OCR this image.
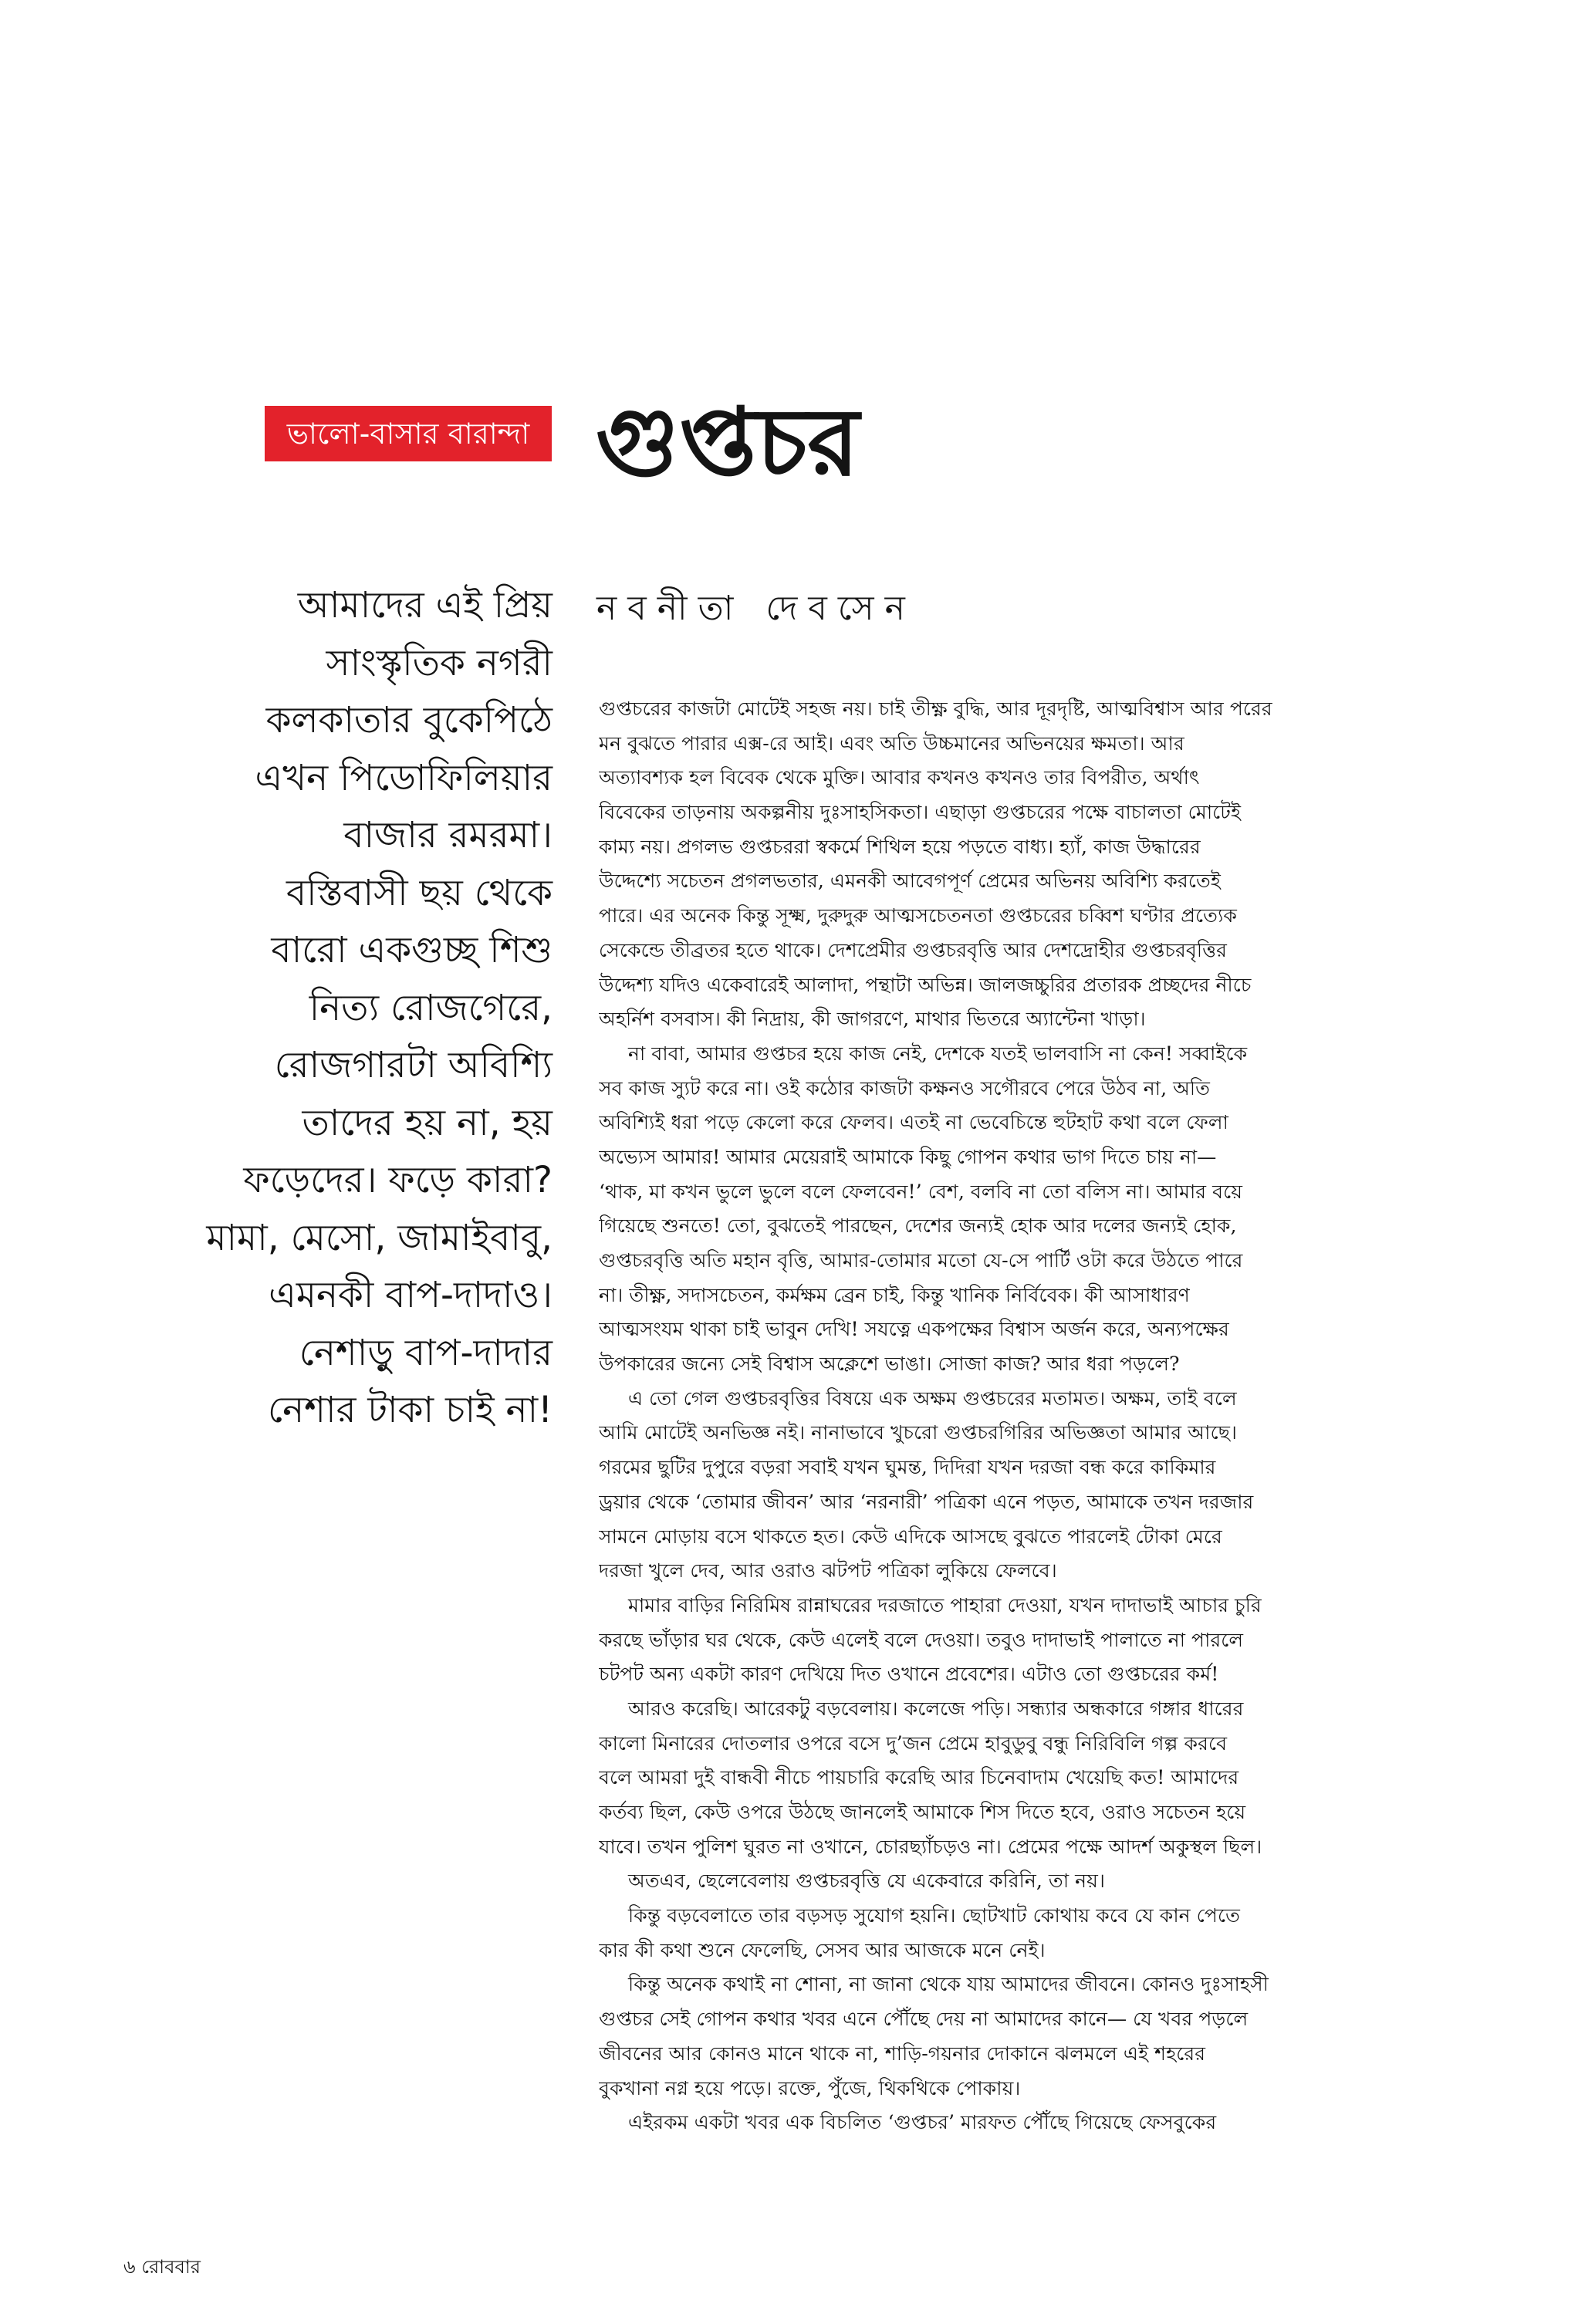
ভালো-বাসার বারান্দা গুপ্তচর
আমাদের এই প্রিয়
সাংস্কৃতিক নগরী
কলকাতার বুকেপিঠে
এখন পিডোফিলিয়ার
বাজার রমরমা।
বস্তিবাসী ছয় থেকে
বারো একগুচ্ছ শিশু
নিত্য রোজগেরে,
রোজগারটা অবিশ্যি
তাদের হয় না, হয়
ফড়েদের। ফড়ে কারা?
মামা, মেসো, জামাইবাবু,
এমনকী বাপ-দাদাও।
নেশাড়ু বাপ-দাদার
নেশার টাকা চাই না!
নবনীতা দেবসেন
গুপ্তচরের কাজটা মোটেই সহজ নয়। চাই তীক্ষ্ণ বুদ্ধি, আর দূরদৃষ্টি, আত্মবিশ্বাস আর পরের
মন বুঝতে পারার এক্স-রে আই। এবং অতি উচ্চমানের অভিনয়ের ক্ষমতা। আর
অত্যাবশ্যক হল বিবেক থেকে মুক্তি। আবার কখনও কখনও তার বিপরীত, অর্থাৎ
বিবেকের তাড়নায় অকল্পনীয় দুঃসাহসিকতা। এছাড়া গুপ্তচরের পক্ষে বাচালতা মোটেই
কাম্য নয়। প্রগলভ গুপ্তচররা স্বকর্মে শিথিল হয়ে পড়তে বাধ্য। হ্যাঁ, কাজ উদ্ধারের
উদ্দেশ্যে সচেতন প্রগলভতার, এমনকী আবেগপূর্ণ প্রেমের অভিনয় অবিশ্যি করতেই
পারে। এর অনেক কিন্তু সূক্ষ্ম, দুরুদুরু আত্মসচেতনতা গুপ্তচরের চব্বিশ ঘণ্টার প্রত্যেক
সেকেন্ডে তীব্রতর হতে থাকে। দেশপ্রেমীর গুপ্তচরবৃত্তি আর দেশদ্রোহীর গুপ্তচরবৃত্তির
উদ্দেশ্য যদিও একেবারেই আলাদা, পন্থাটা অভিন্ন। জালজচ্চুরির প্রতারক প্রচ্ছদের নীচে
অহর্নিশ বসবাস। কী নিদ্রায়, কী জাগরণে, মাথার ভিতরে অ্যান্টেনা খাড়া।
না বাবা, আমার গুপ্তচর হয়ে কাজ নেই, দেশকে যতই ভালবাসি না কেন! সব্বাইকে
সব কাজ স্যুট করে না। ওই কঠোর কাজটা কক্ষনও সগৌরবে পেরে উঠব না, অতি
অবিশ্যিই ধরা পড়ে কেলো করে ফেলব। এতই না ভেবেচিন্তে হুটহাট কথা বলে ফেলা
অভ্যেস আমার! আমার মেয়েরাই আমাকে কিছু গোপন কথার ভাগ দিতে চায় না—
‘থাক, মা কখন ভুলে ভুলে বলে ফেলবেন!’ বেশ, বলবি না তো বলিস না। আমার বয়ে
গিয়েছে শুনতে! তো, বুঝতেই পারছেন, দেশের জন্যই হোক আর দলের জন্যই হোক,
গুপ্তচরবৃত্তি অতি মহান বৃত্তি, আমার-তোমার মতো যে-সে পার্টি ওটা করে উঠতে পারে
না। তীক্ষ্ণ, সদাসচেতন, কর্মক্ষম ব্রেন চাই, কিন্তু খানিক নির্বিবেক। কী আসাধারণ
আত্মসংযম থাকা চাই ভাবুন দেখি! সযত্নে একপক্ষের বিশ্বাস অর্জন করে, অন্যপক্ষের
উপকারের জন্যে সেই বিশ্বাস অক্লেশে ভাঙা। সোজা কাজ? আর ধরা পড়লে?
এ তো গেল গুপ্তচরবৃত্তির বিষয়ে এক অক্ষম গুপ্তচরের মতামত। অক্ষম, তাই বলে
আমি মোটেই অনভিজ্ঞ নই। নানাভাবে খুচরো গুপ্তচরগিরির অভিজ্ঞতা আমার আছে।
গরমের ছুটির দুপুরে বড়রা সবাই যখন ঘুমন্ত, দিদিরা যখন দরজা বন্ধ করে কাকিমার
ড্রয়ার থেকে ‘তোমার জীবন’ আর ‘নরনারী’ পত্রিকা এনে পড়ত, আমাকে তখন দরজার
সামনে মোড়ায় বসে থাকতে হত। কেউ এদিকে আসছে বুঝতে পারলেই টোকা মেরে
দরজা খুলে দেব, আর ওরাও ঝটপট পত্রিকা লুকিয়ে ফেলবে।
মামার বাড়ির নিরিমিষ রান্নাঘরের দরজাতে পাহারা দেওয়া, যখন দাদাভাই আচার চুরি
করছে ভাঁড়ার ঘর থেকে, কেউ এলেই বলে দেওয়া। তবুও দাদাভাই পালাতে না পারলে
চটপট অন্য একটা কারণ দেখিয়ে দিত ওখানে প্রবেশের। এটাও তো গুপ্তচরের কর্ম!
আরও করেছি। আরেকটু বড়বেলায়। কলেজে পড়ি। সন্ধ্যার অন্ধকারে গঙ্গার ধারের
কালো মিনারের দোতলার ওপরে বসে দু’জন প্রেমে হাবুডুবু বন্ধু নিরিবিলি গল্প করবে
বলে আমরা দুই বান্ধবী নীচে পায়চারি করেছি আর চিনেবাদাম খেয়েছি কত! আমাদের
কর্তব্য ছিল, কেউ ওপরে উঠছে জানলেই আমাকে শিস দিতে হবে, ওরাও সচেতন হয়ে
যাবে। তখন পুলিশ ঘুরত না ওখানে, চোরছ্যাঁচড়ও না। প্রেমের পক্ষে আদর্শ অকুস্থল ছিল।
অতএব, ছেলেবেলায় গুপ্তচরবৃত্তি যে একেবারে করিনি, তা নয়।
কিন্তু বড়বেলাতে তার বড়সড় সুযোগ হয়নি। ছোটখাট কোথায় কবে যে কান পেতে
কার কী কথা শুনে ফেলেছি, সেসব আর আজকে মনে নেই।
কিন্তু অনেক কথাই না শোনা, না জানা থেকে যায় আমাদের জীবনে। কোনও দুঃসাহসী
গুপ্তচর সেই গোপন কথার খবর এনে পৌঁছে দেয় না আমাদের কানে— যে খবর পড়লে
জীবনের আর কোনও মানে থাকে না, শাড়ি-গয়নার দোকানে ঝলমলে এই শহরের
বুকখানা নগ্ন হয়ে পড়ে। রক্তে, পুঁজে, থিকথিকে পোকায়।
এইরকম একটা খবর এক বিচলিত ‘গুপ্তচর’ মারফত পৌঁছে গিয়েছে ফেসবুকের
৬ রোববার
